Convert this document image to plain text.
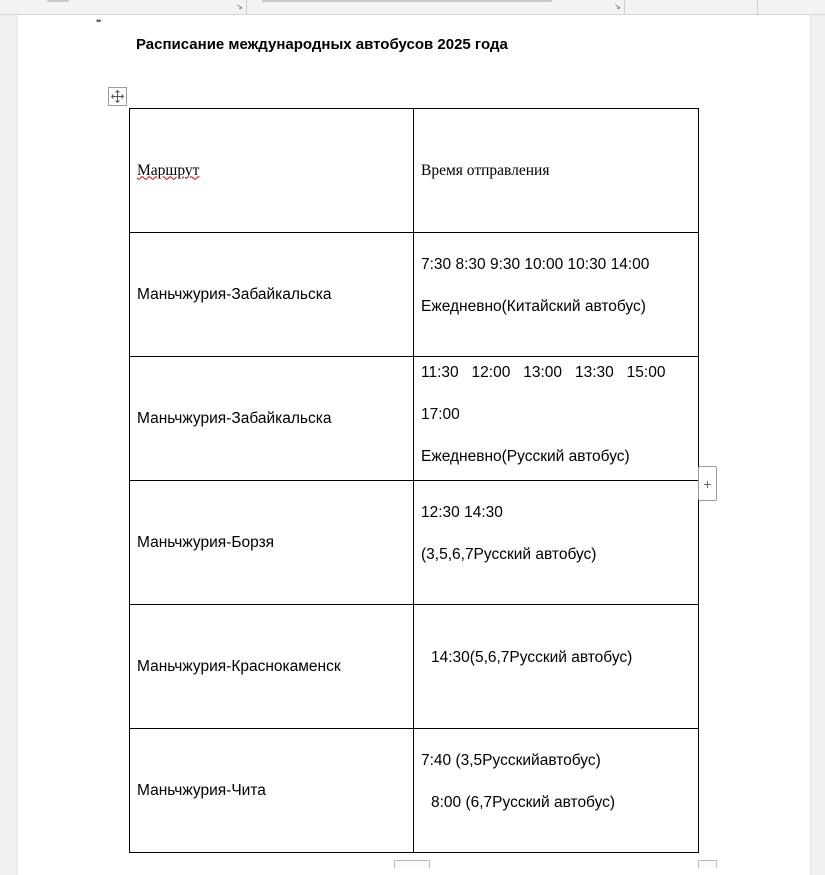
↘	↘
••
Расписание международных автобусов 2025 года
Маршрут	Время отправления
Маньчжурия-Забайкальска	7:30 8:30 9:30 10:00 10:30 14:00
Ежедневно(Китайский автобус)

Маньчжурия-Забайкальска	11:30   12:00   13:00   13:30   15:00
17:00
Ежедневно(Русский автобус)

Маньчжурия-Борзя	12:30 14:30
(3,5,6,7Русский автобус)

Маньчжурия-Краснокаменск	14:30(5,6,7Русский автобус)

Маньчжурия-Чита	7:40 (3,5Русскийавтобус)
8:00 (6,7Русский автобус)
+
